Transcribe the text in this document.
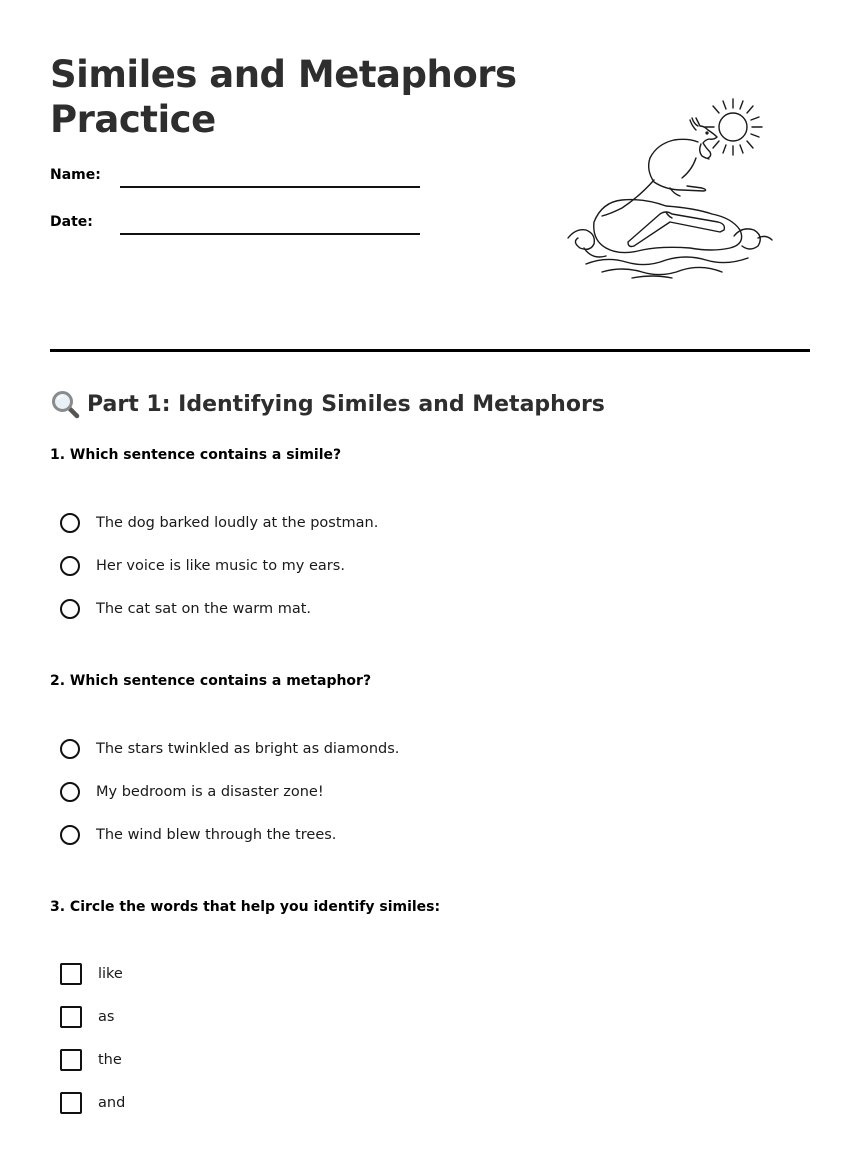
Similes and Metaphors
Practice
Name:
Date:
Part 1: Identifying Similes and Metaphors
1. Which sentence contains a simile?
The dog barked loudly at the postman.
Her voice is like music to my ears.
The cat sat on the warm mat.
2. Which sentence contains a metaphor?
The stars twinkled as bright as diamonds.
My bedroom is a disaster zone!
The wind blew through the trees.
3. Circle the words that help you identify similes:
like
as
the
and
